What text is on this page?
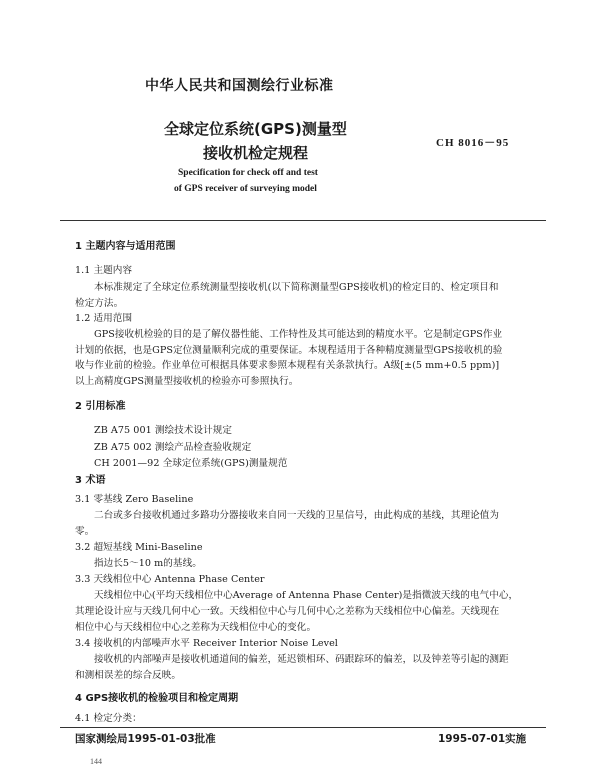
中华人民共和国测绘行业标准
全球定位系统(GPS)测量型
接收机检定规程
CH 8016－95
Specification for check off and test
of GPS receiver of surveying model
1 主题内容与适用范围
1.1 主题内容
本标准规定了全球定位系统测量型接收机(以下简称测量型GPS接收机)的检定目的、检定项目和
检定方法。
1.2 适用范围
GPS接收机检验的目的是了解仪器性能、工作特性及其可能达到的精度水平。它是制定GPS作业
计划的依据，也是GPS定位测量顺利完成的重要保证。本规程适用于各种精度测量型GPS接收机的验
收与作业前的检验。作业单位可根据具体要求参照本规程有关条款执行。A级[±(5 mm+0.5 ppm)]
以上高精度GPS测量型接收机的检验亦可参照执行。
2 引用标准
ZB A75 001 测绘技术设计规定
ZB A75 002 测绘产品检查验收规定
CH 2001—92 全球定位系统(GPS)测量规范
3 术语
3.1 零基线 Zero Baseline
二台或多台接收机通过多路功分器接收来自同一天线的卫星信号，由此构成的基线，其理论值为
零。
3.2 超短基线 Mini-Baseline
指边长5～10 m的基线。
3.3 天线相位中心 Antenna Phase Center
天线相位中心(平均天线相位中心Average of Antenna Phase Center)是指微波天线的电气中心，
其理论设计应与天线几何中心一致。天线相位中心与几何中心之差称为天线相位中心偏差。天线现在
相位中心与天线相位中心之差称为天线相位中心的变化。
3.4 接收机的内部噪声水平 Receiver Interior Noise Level
接收机的内部噪声是接收机通道间的偏差，延迟锁相环、码跟踪环的偏差，以及钟差等引起的测距
和测相误差的综合反映。
4 GPS接收机的检验项目和检定周期
4.1 检定分类：
国家测绘局1995-01-03批准	1995-07-01实施
144
